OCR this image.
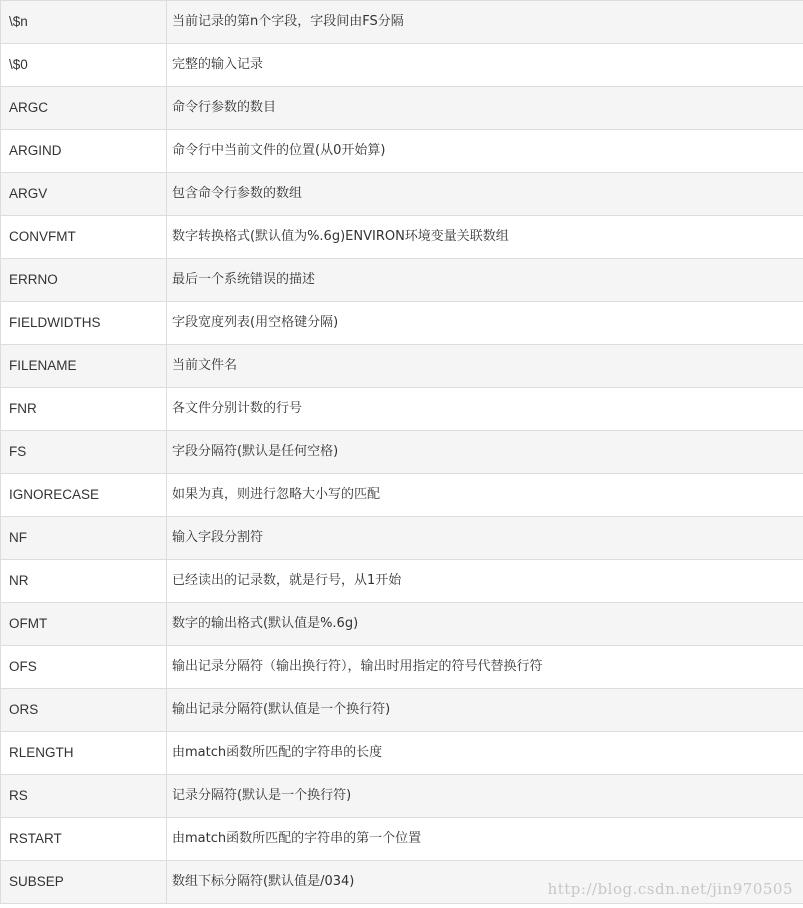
\$n	当前记录的第n个字段，字段间由FS分隔
\$0	完整的输入记录
ARGC	命令行参数的数目
ARGIND	命令行中当前文件的位置(从0开始算)
ARGV	包含命令行参数的数组
CONVFMT	数字转换格式(默认值为%.6g)ENVIRON环境变量关联数组
ERRNO	最后一个系统错误的描述
FIELDWIDTHS	字段宽度列表(用空格键分隔)
FILENAME	当前文件名
FNR	各文件分别计数的行号
FS	字段分隔符(默认是任何空格)
IGNORECASE	如果为真，则进行忽略大小写的匹配
NF	输入字段分割符
NR	已经读出的记录数，就是行号，从1开始
OFMT	数字的输出格式(默认值是%.6g)
OFS	输出记录分隔符（输出换行符），输出时用指定的符号代替换行符
ORS	输出记录分隔符(默认值是一个换行符)
RLENGTH	由match函数所匹配的字符串的长度
RS	记录分隔符(默认是一个换行符)
RSTART	由match函数所匹配的字符串的第一个位置
SUBSEP	数组下标分隔符(默认值是/034)	http://blog.csdn.net/jin970505
